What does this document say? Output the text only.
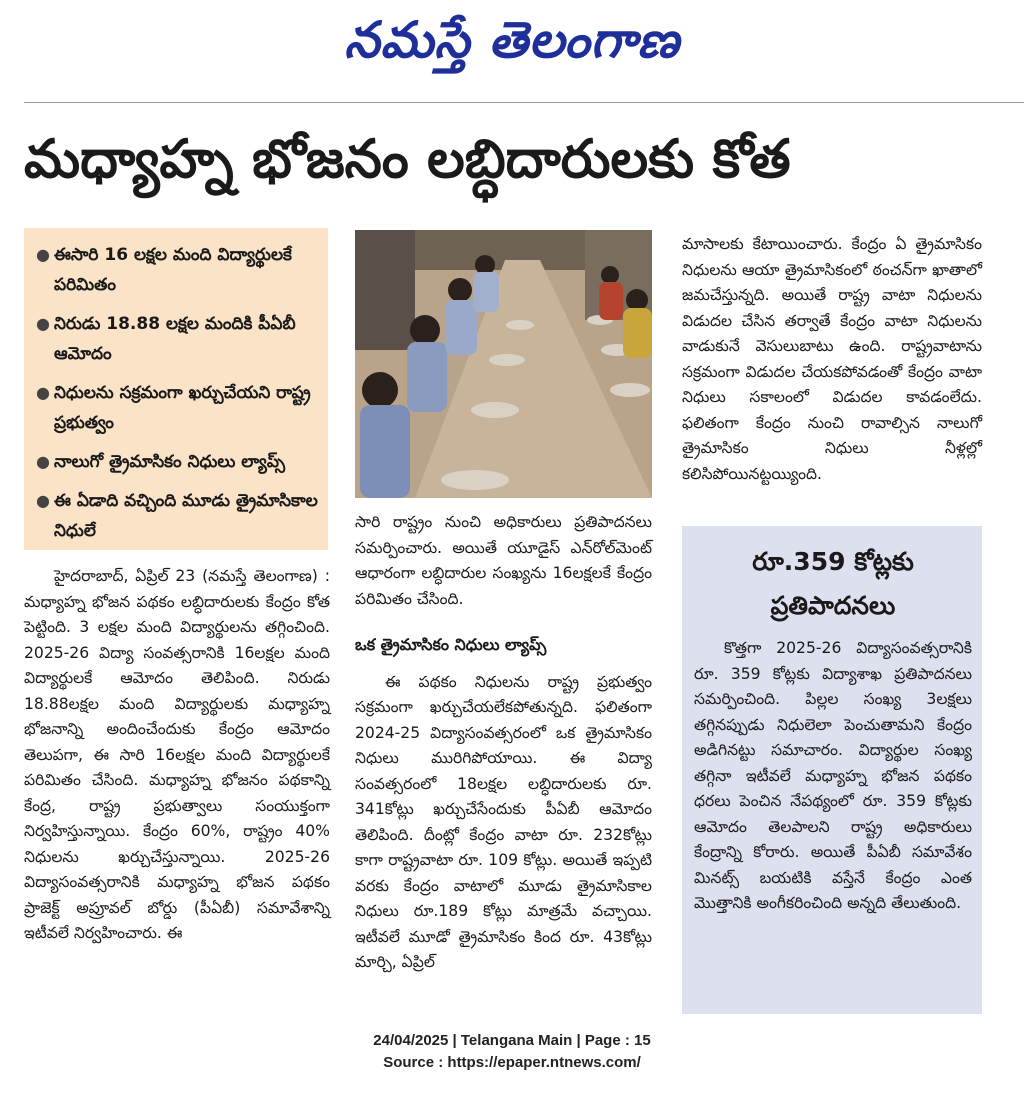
నమస్తే తెలంగాణ
మధ్యాహ్న భోజనం లబ్ధిదారులకు కోత
● ఈసారి 16 లక్షల మంది విద్యార్థులకే పరిమితం
● నిరుడు 18.88 లక్షల మందికి పీఏబీ ఆమోదం
● నిధులను సక్రమంగా ఖర్చుచేయని రాష్ట్ర ప్రభుత్వం
● నాలుగో త్రైమాసికం నిధులు ల్యాప్స్
● ఈ ఏడాది వచ్చింది మూడు త్రైమాసికాల నిధులే

హైదరాబాద్, ఏప్రిల్ 23 (నమస్తే తెలంగాణ) : మధ్యాహ్న భోజన పథకం లబ్ధిదారులకు కేంద్రం కోత పెట్టింది. 3 లక్షల మంది విద్యార్థులను తగ్గించింది. 2025-26 విద్యా సంవత్సరానికి 16లక్షల మంది విద్యార్థులకే ఆమోదం తెలిపింది. నిరుడు 18.88లక్షల మంది విద్యార్థులకు మధ్యాహ్న భోజనాన్ని అందించేందుకు కేంద్రం ఆమోదం తెలుపగా, ఈ సారి 16లక్షల మంది విద్యార్థులకే పరిమితం చేసింది. మధ్యాహ్న భోజనం పథకాన్ని కేంద్ర, రాష్ట్ర ప్రభుత్వాలు సంయుక్తంగా నిర్వహిస్తున్నాయి. కేంద్రం 60%, రాష్ట్రం 40% నిధులను ఖర్చుచేస్తున్నాయి. 2025-26 విద్యాసంవత్సరానికి మధ్యాహ్న భోజన పథకం ప్రాజెక్ట్ అప్రూవల్ బోర్డు (పీఏబీ) సమావేశాన్ని ఇటీవలే నిర్వహించారు. ఈ

సారి రాష్ట్రం నుంచి అధికారులు ప్రతిపాదనలు సమర్పించారు. అయితే యూడైస్ ఎన్‌రోల్‌మెంట్ ఆధారంగా లబ్ధిదారుల సంఖ్యను 16లక్షలకే కేంద్రం పరిమితం చేసింది.

ఒక త్రైమాసికం నిధులు ల్యాప్స్

ఈ పథకం నిధులను రాష్ట్ర ప్రభుత్వం సక్రమంగా ఖర్చుచేయలేకపోతున్నది. ఫలితంగా 2024-25 విద్యాసంవత్సరంలో ఒక త్రైమాసికం నిధులు మురిగిపోయాయి. ఈ విద్యా సంవత్సరంలో 18లక్షల లబ్ధిదారులకు రూ. 341కోట్లు ఖర్చుచేసేందుకు పీఏబీ ఆమోదం తెలిపింది. దీంట్లో కేంద్రం వాటా రూ. 232కోట్లు కాగా రాష్ట్రవాటా రూ. 109 కోట్లు. అయితే ఇప్పటి వరకు కేంద్రం వాటాలో మూడు త్రైమాసికాల నిధులు రూ.189 కోట్లు మాత్రమే వచ్చాయి. ఇటీవలే మూడో త్రైమాసికం కింద రూ. 43కోట్లు మార్చి, ఏప్రిల్

మాసాలకు కేటాయించారు. కేంద్రం ఏ త్రైమాసికం నిధులను ఆయా త్రైమాసికంలో ఠంచన్‌గా ఖాతాలో జమచేస్తున్నది. అయితే రాష్ట్ర వాటా నిధులను విడుదల చేసిన తర్వాతే కేంద్రం వాటా నిధులను వాడుకునే వెసులుబాటు ఉంది. రాష్ట్రవాటాను సక్రమంగా విడుదల చేయకపోవడంతో కేంద్రం వాటా నిధులు సకాలంలో విడుదల కావడంలేదు. ఫలితంగా కేంద్రం నుంచి రావాల్సిన నాలుగో త్రైమాసికం నిధులు నీళ్లల్లో కలిసిపోయినట్టయ్యింది.

రూ.359 కోట్లకు ప్రతిపాదనలు

కొత్తగా 2025-26 విద్యాసంవత్సరానికి రూ. 359 కోట్లకు విద్యాశాఖ ప్రతిపాదనలు సమర్పించింది. పిల్లల సంఖ్య 3లక్షలు తగ్గినప్పుడు నిధులెలా పెంచుతామని కేంద్రం అడిగినట్టు సమాచారం. విద్యార్థుల సంఖ్య తగ్గినా ఇటీవలే మధ్యాహ్న భోజన పథకం ధరలు పెంచిన నేపథ్యంలో రూ. 359 కోట్లకు ఆమోదం తెలపాలని రాష్ట్ర అధికారులు కేంద్రాన్ని కోరారు. అయితే పీఏబీ సమావేశం మినట్స్ బయటికి వస్తేనే కేంద్రం ఎంత మొత్తానికి అంగీకరించింది అన్నది తేలుతుంది.

24/04/2025 | Telangana Main | Page : 15
Source : https://epaper.ntnews.com/
